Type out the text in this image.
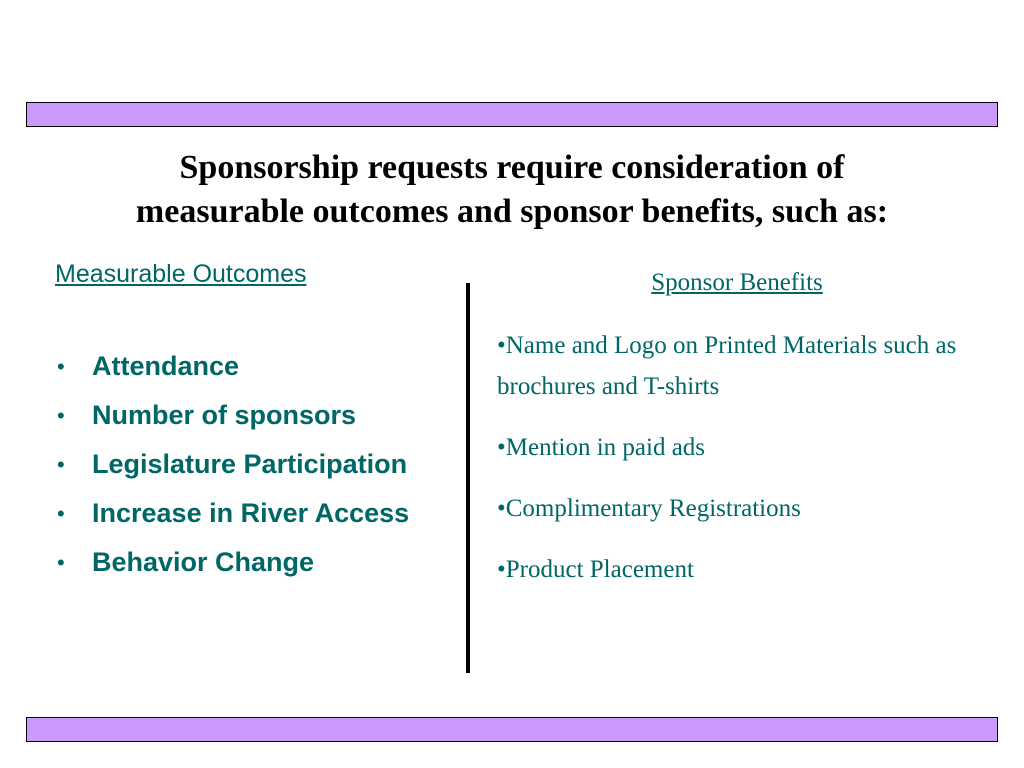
Sponsorship requests require consideration of
measurable outcomes and sponsor benefits, such as:

Measurable Outcomes

• Attendance
• Number of sponsors
• Legislature Participation
• Increase in River Access
• Behavior Change

Sponsor Benefits

•Name and Logo on Printed Materials such as brochures and T-shirts
•Mention in paid ads
•Complimentary Registrations
•Product Placement
